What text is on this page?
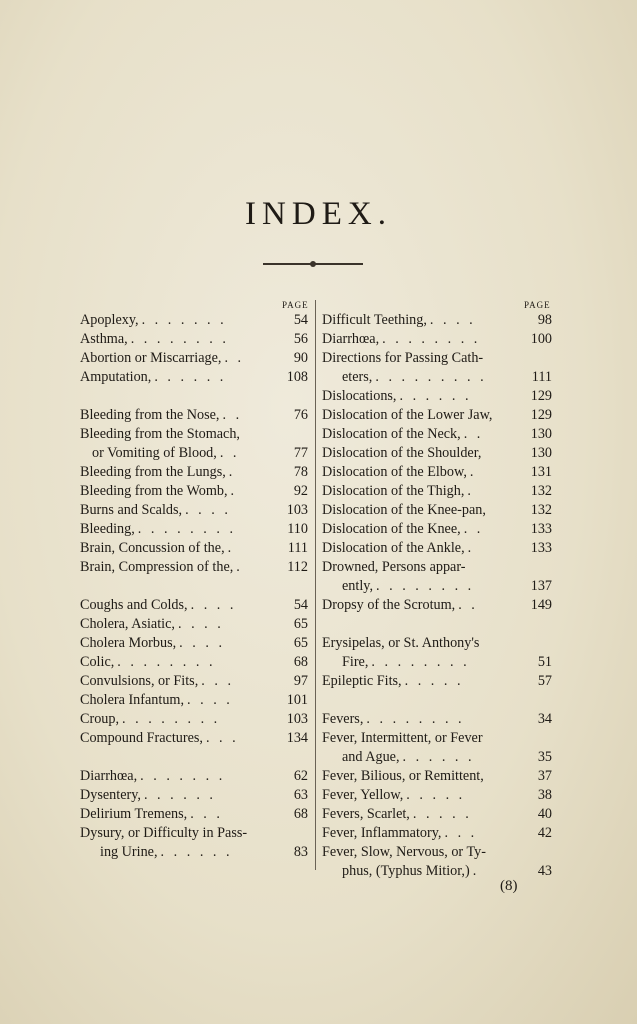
INDEX.
PAGE	PAGE
Apoplexy, . . . . . . .	54
Asthma, . . . . . . . .	56
Abortion or Miscarriage, . .	90
Amputation, . . . . . .	108
Bleeding from the Nose, . .	76
Bleeding from the Stomach,
or Vomiting of Blood, . .	77
Bleeding from the Lungs, .	78
Bleeding from the Womb, .	92
Burns and Scalds, . . . .	103
Bleeding, . . . . . . . .	110
Brain, Concussion of the, .	111
Brain, Compression of the, .	112
Coughs and Colds, . . . .	54
Cholera, Asiatic, . . . .	65
Cholera Morbus, . . . .	65
Colic, . . . . . . . .	68
Convulsions, or Fits, . . .	97
Cholera Infantum, . . . .	101
Croup, . . . . . . . .	103
Compound Fractures, . . .	134
Diarrhœa, . . . . . . .	62
Dysentery, . . . . . .	63
Delirium Tremens, . . .	68
Dysury, or Difficulty in Pass-
ing Urine, . . . . . .	83
Difficult Teething, . . . .	98
Diarrhœa, . . . . . . . .	100
Directions for Passing Cath-
eters, . . . . . . . . .	111
Dislocations, . . . . . .	129
Dislocation of the Lower Jaw,	129
Dislocation of the Neck, . .	130
Dislocation of the Shoulder,	130
Dislocation of the Elbow, .	131
Dislocation of the Thigh, .	132
Dislocation of the Knee-pan,	132
Dislocation of the Knee, . .	133
Dislocation of the Ankle, .	133
Drowned, Persons appar-
ently, . . . . . . . .	137
Dropsy of the Scrotum, . .	149
Erysipelas, or St. Anthony's
Fire, . . . . . . . .	51
Epileptic Fits, . . . . .	57
Fevers, . . . . . . . .	34
Fever, Intermittent, or Fever
and Ague, . . . . . .	35
Fever, Bilious, or Remittent,	37
Fever, Yellow, . . . . .	38
Fevers, Scarlet, . . . . .	40
Fever, Inflammatory, . . .	42
Fever, Slow, Nervous, or Ty-
phus, (Typhus Mitior,) .	43
(8)
